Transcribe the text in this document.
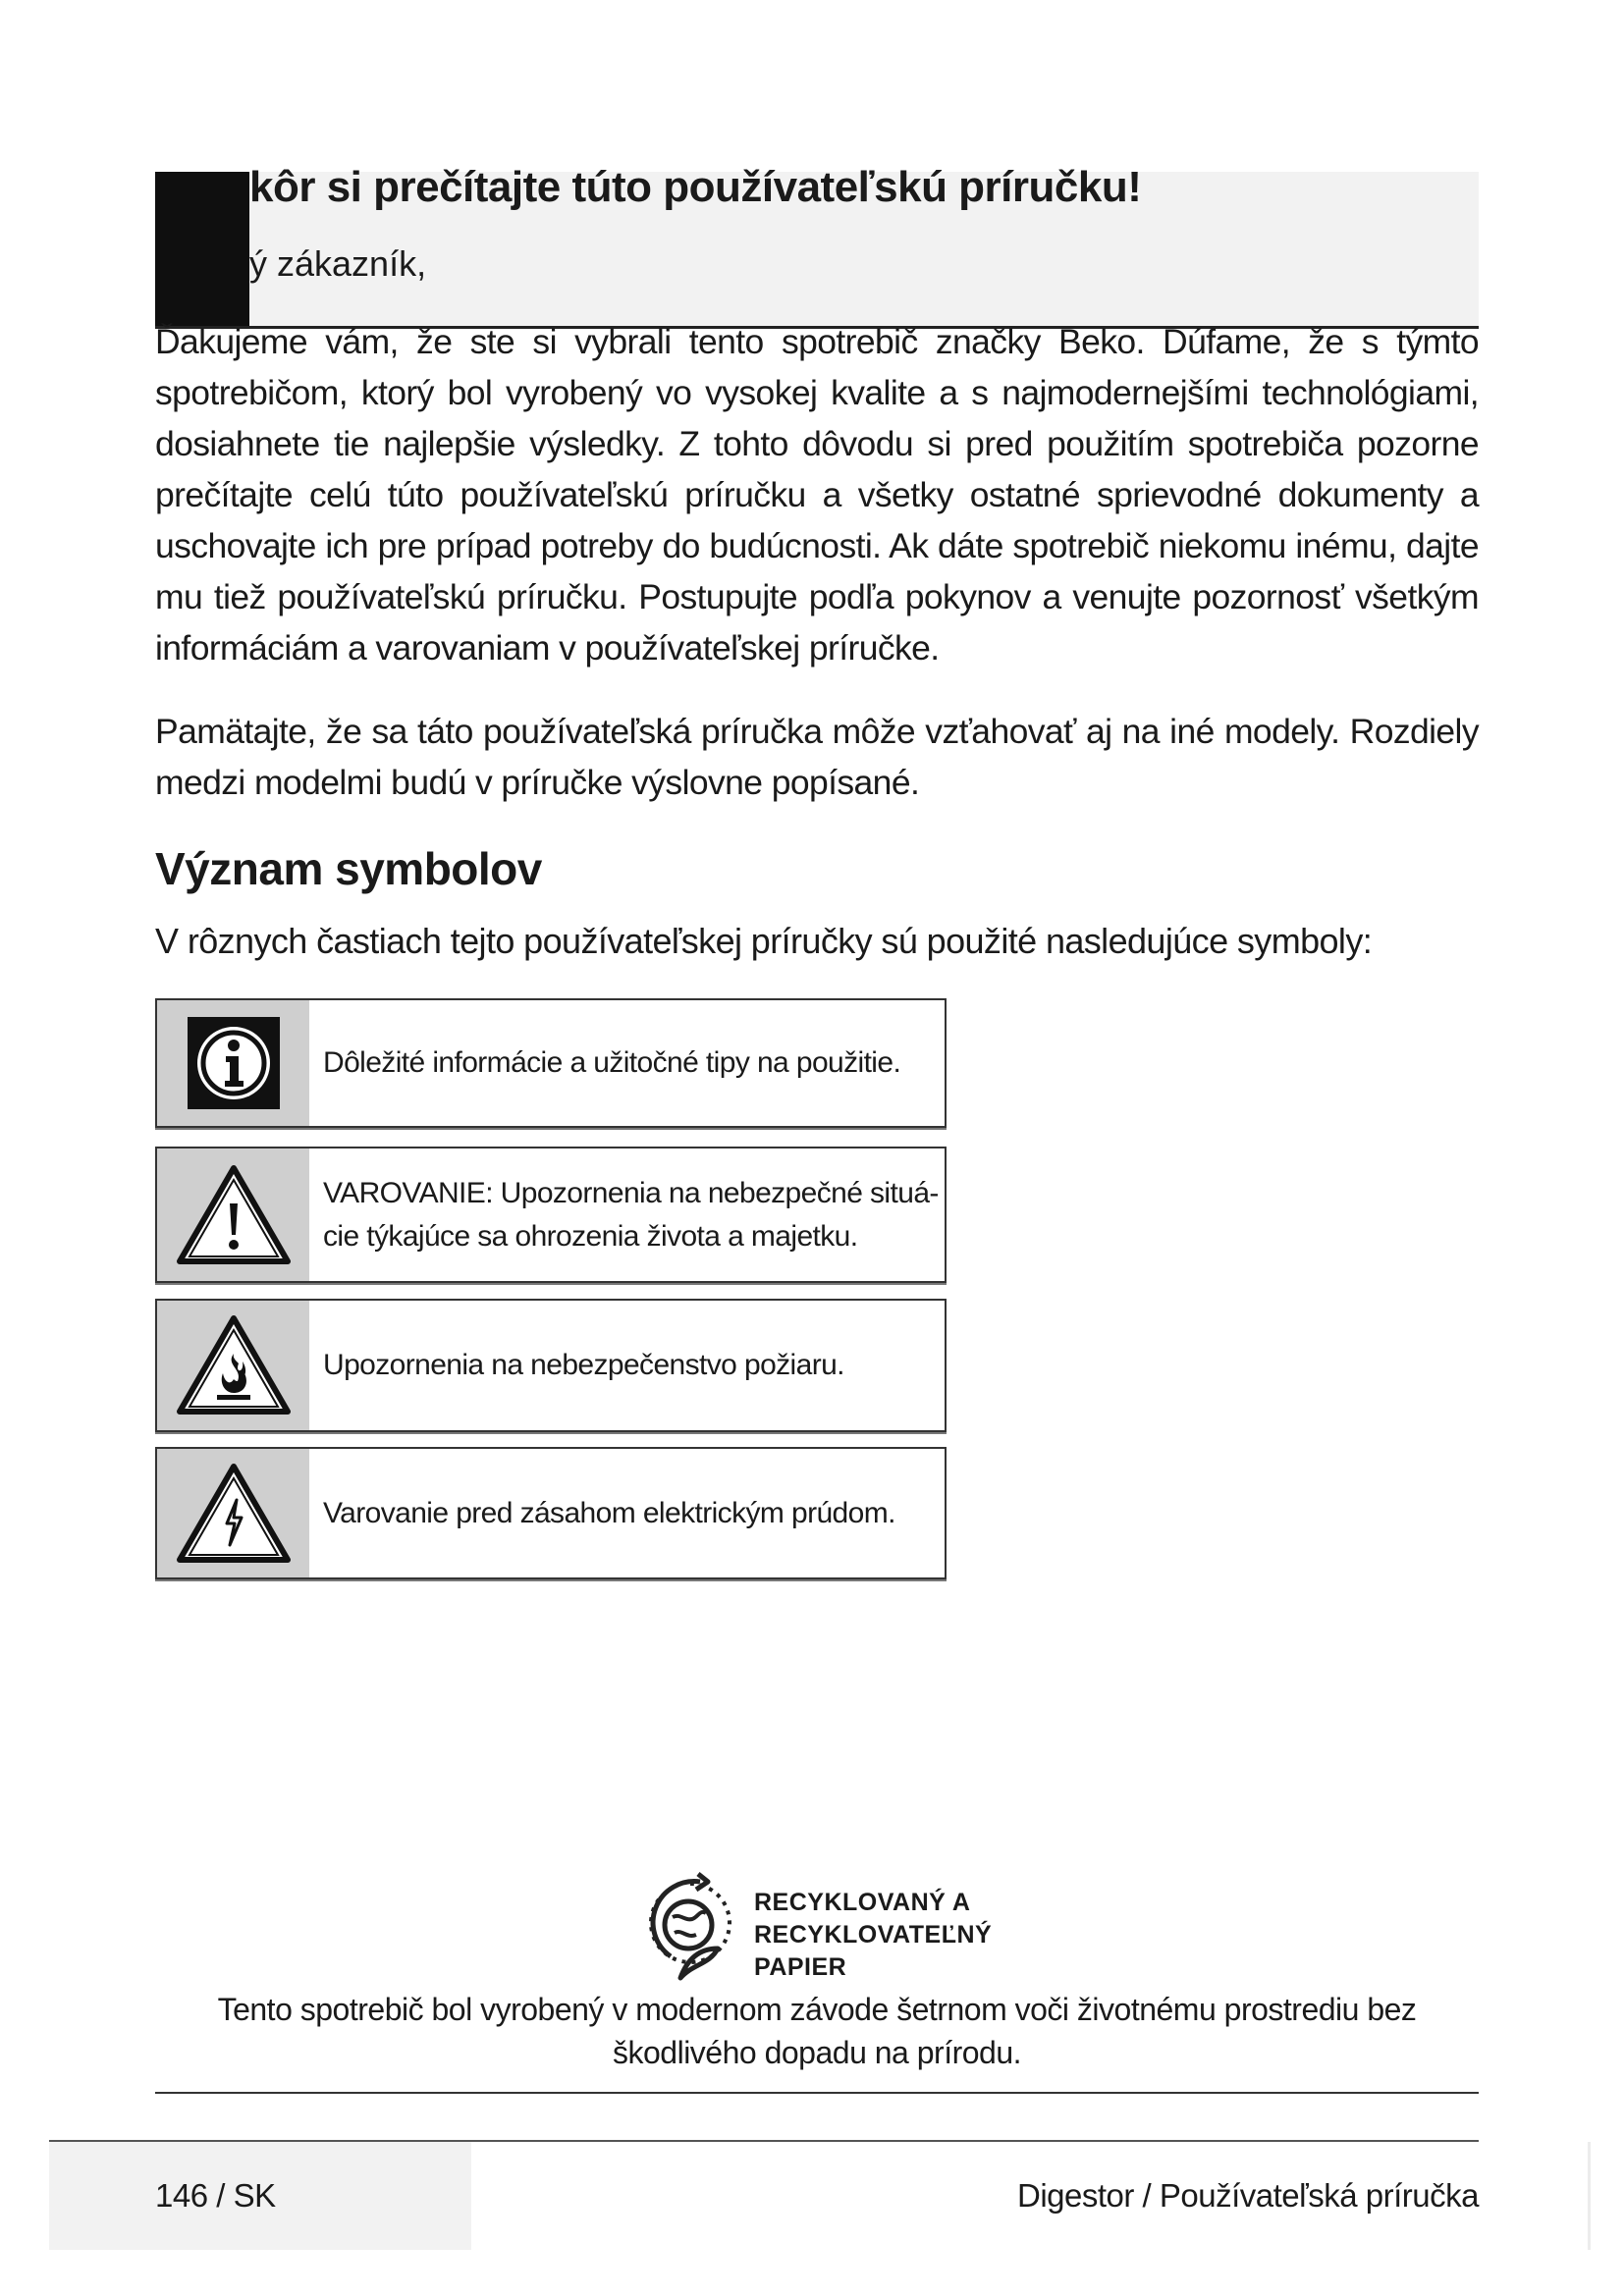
kôr si prečítajte túto používateľskú príručku!

ý zákazník,

Ďakujeme vám, že ste si vybrali tento spotrebič značky Beko. Dúfame, že s týmto spotrebičom, ktorý bol vyrobený vo vysokej kvalite a s najmodernejšími technológiami, dosiahnete tie najlepšie výsledky. Z tohto dôvodu si pred použitím spotrebiča pozorne prečítajte celú túto používateľskú príručku a všetky ostatné sprievodné dokumenty a uschovajte ich pre prípad potreby do budúcnosti. Ak dáte spotrebič niekomu inému, dajte mu tiež používateľskú príručku. Postupujte podľa pokynov a venujte pozornosť všetkým informáciám a varovaniam v používateľskej príručke.

Pamätajte, že sa táto používateľská príručka môže vzťahovať aj na iné modely. Rozdiely medzi modelmi budú v príručke výslovne popísané.

Význam symbolov

V rôznych častiach tejto používateľskej príručky sú použité nasledujúce symboly:

Dôležité informácie a užitočné tipy na použitie.
VAROVANIE: Upozornenia na nebezpečné situá-cie týkajúce sa ohrozenia života a majetku.
Upozornenia na nebezpečenstvo požiaru.
Varovanie pred zásahom elektrickým prúdom.
RECYKLOVANÝ A
RECYKLOVATEĽNÝ
PAPIER

Tento spotrebič bol vyrobený v modernom závode šetrnom voči životnému prostrediu bez škodlivého dopadu na prírodu.

146 / SK	Digestor / Používateľská príručka
